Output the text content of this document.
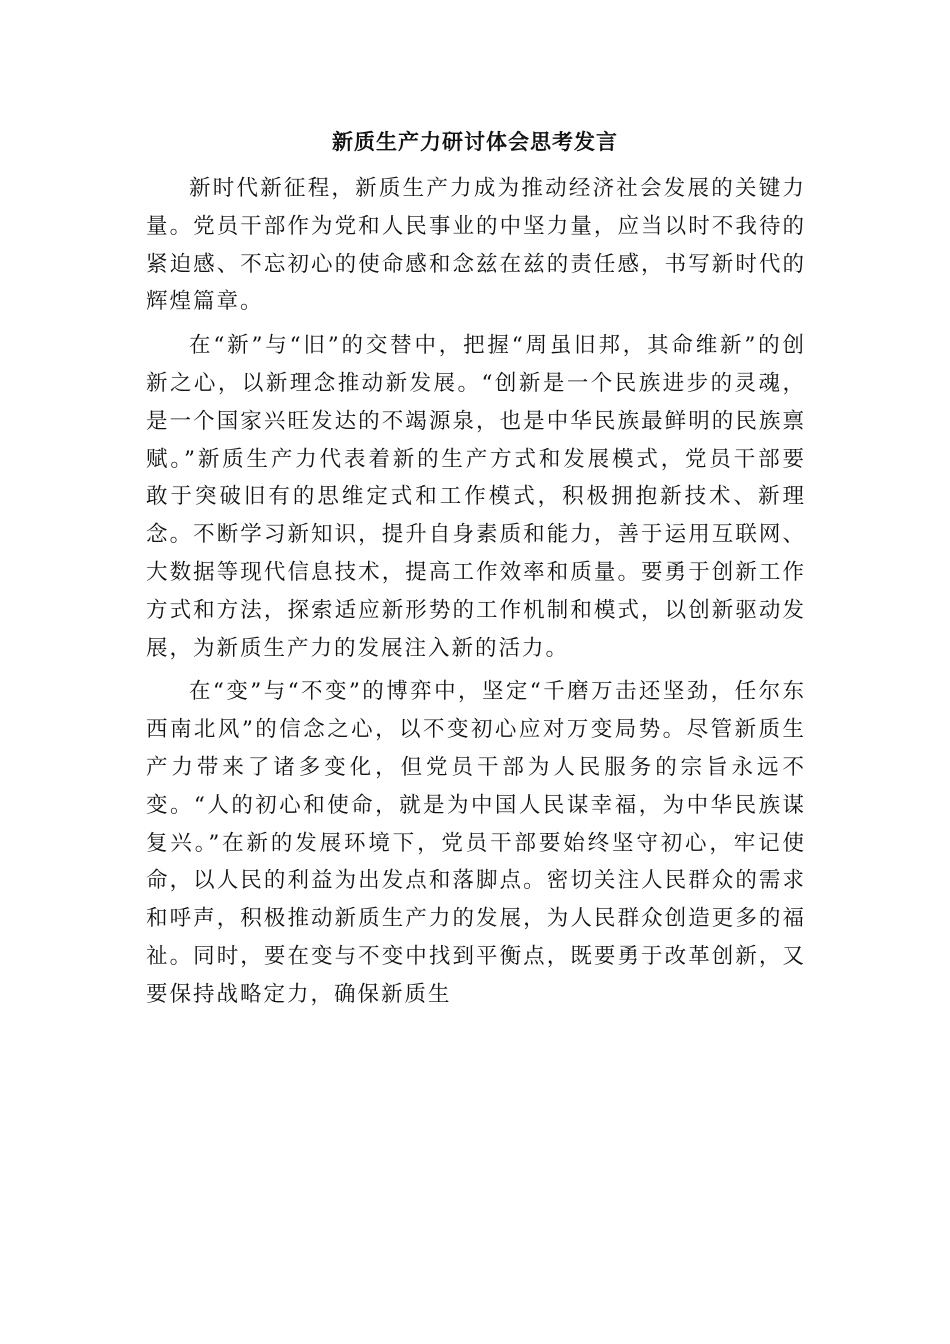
新质生产力研讨体会思考发言

新时代新征程，新质生产力成为推动经济社会发展的关键力量。党员干部作为党和人民事业的中坚力量，应当以时不我待的紧迫感、不忘初心的使命感和念兹在兹的责任感，书写新时代的辉煌篇章。

在“新”与“旧”的交替中，把握“周虽旧邦，其命维新”的创新之心，以新理念推动新发展。“创新是一个民族进步的灵魂，是一个国家兴旺发达的不竭源泉，也是中华民族最鲜明的民族禀赋。”新质生产力代表着新的生产方式和发展模式，党员干部要敢于突破旧有的思维定式和工作模式，积极拥抱新技术、新理念。不断学习新知识，提升自身素质和能力，善于运用互联网、大数据等现代信息技术，提高工作效率和质量。要勇于创新工作方式和方法，探索适应新形势的工作机制和模式，以创新驱动发展，为新质生产力的发展注入新的活力。

在“变”与“不变”的博弈中，坚定“千磨万击还坚劲，任尔东西南北风”的信念之心，以不变初心应对万变局势。尽管新质生产力带来了诸多变化，但党员干部为人民服务的宗旨永远不变。“人的初心和使命，就是为中国人民谋幸福，为中华民族谋复兴。”在新的发展环境下，党员干部要始终坚守初心，牢记使命，以人民的利益为出发点和落脚点。密切关注人民群众的需求和呼声，积极推动新质生产力的发展，为人民群众创造更多的福祉。同时，要在变与不变中找到平衡点，既要勇于改革创新，又要保持战略定力，确保新质生
